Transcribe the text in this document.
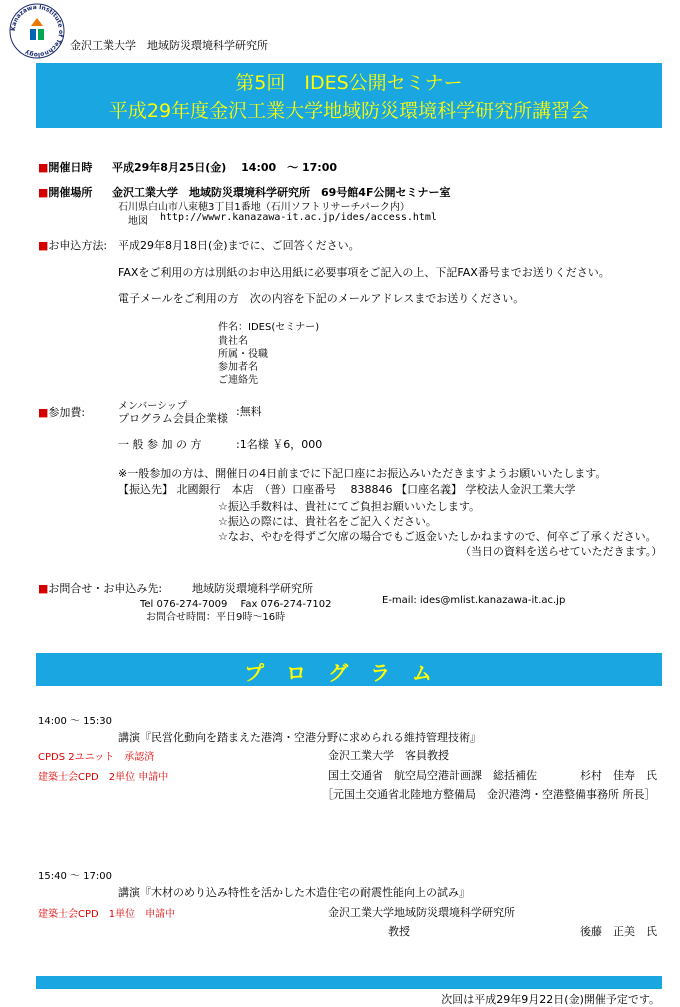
Kanazawa Institute of Technology
金沢工業大学　地域防災環境科学研究所
第5回　IDES公開セミナー
平成29年度金沢工業大学地域防災環境科学研究所講習会
■開催日時 平成29年8月25日(金)　 14:00　～ 17:00
■開催場所 金沢工業大学　地域防災環境科学研究所　69号館4F公開セミナー室
石川県白山市八束穂3丁目1番地（石川ソフトリサーチパーク内）
地図 http://wwwr.kanazawa-it.ac.jp/ides/access.html
■お申込方法: 平成29年8月18日(金)までに、ご回答ください。
FAXをご利用の方は別紙のお申込用紙に必要事項をご記入の上、下記FAX番号までお送りください。
電子メールをご利用の方　次の内容を下記のメールアドレスまでお送りください。
件名：IDES(セミナー)
貴社名
所属・役職
参加者名
ご連絡先
■参加費:	メンバーシップ
プログラム会員企業様
:無料
一 般 参 加 の 方	:1名様 ￥6，000
※一般参加の方は、開催日の4日前までに下記口座にお振込みいただきますようお願いいたします。
【振込先】 北國銀行　本店　（普）口座番号　 838846 【口座名義】 学校法人金沢工業大学
☆振込手数料は、貴社にてご負担お願いいたします。
☆振込の際には、貴社名をご記入ください。
☆なお、やむを得ずご欠席の場合でもご返金いたしかねますので、何卒ご了承ください。
（当日の資料を送らせていただきます。）
■お問合せ・お申込み先:	地域防災環境科学研究所
Tel 076-274-7009　 Fax 076-274-7102	E-mail: ides@mlist.kanazawa-it.ac.jp
お問合せ時間：平日9時～16時
プログラム
14:00 ～ 15:30
講演『民営化動向を踏まえた港湾・空港分野に求められる維持管理技術』
CPDS 2ユニット　承認済	金沢工業大学　客員教授
建築士会CPD　2単位 申請中	国土交通省　航空局空港計画課　総括補佐	杉村　佳寿　氏
［元国土交通省北陸地方整備局　金沢港湾・空港整備事務所 所長］
15:40 ～ 17:00
講演『木材のめり込み特性を活かした木造住宅の耐震性能向上の試み』
建築士会CPD　1単位　申請中	金沢工業大学地域防災環境科学研究所
教授	後藤　正美　氏
次回は平成29年9月22日(金)開催予定です。
